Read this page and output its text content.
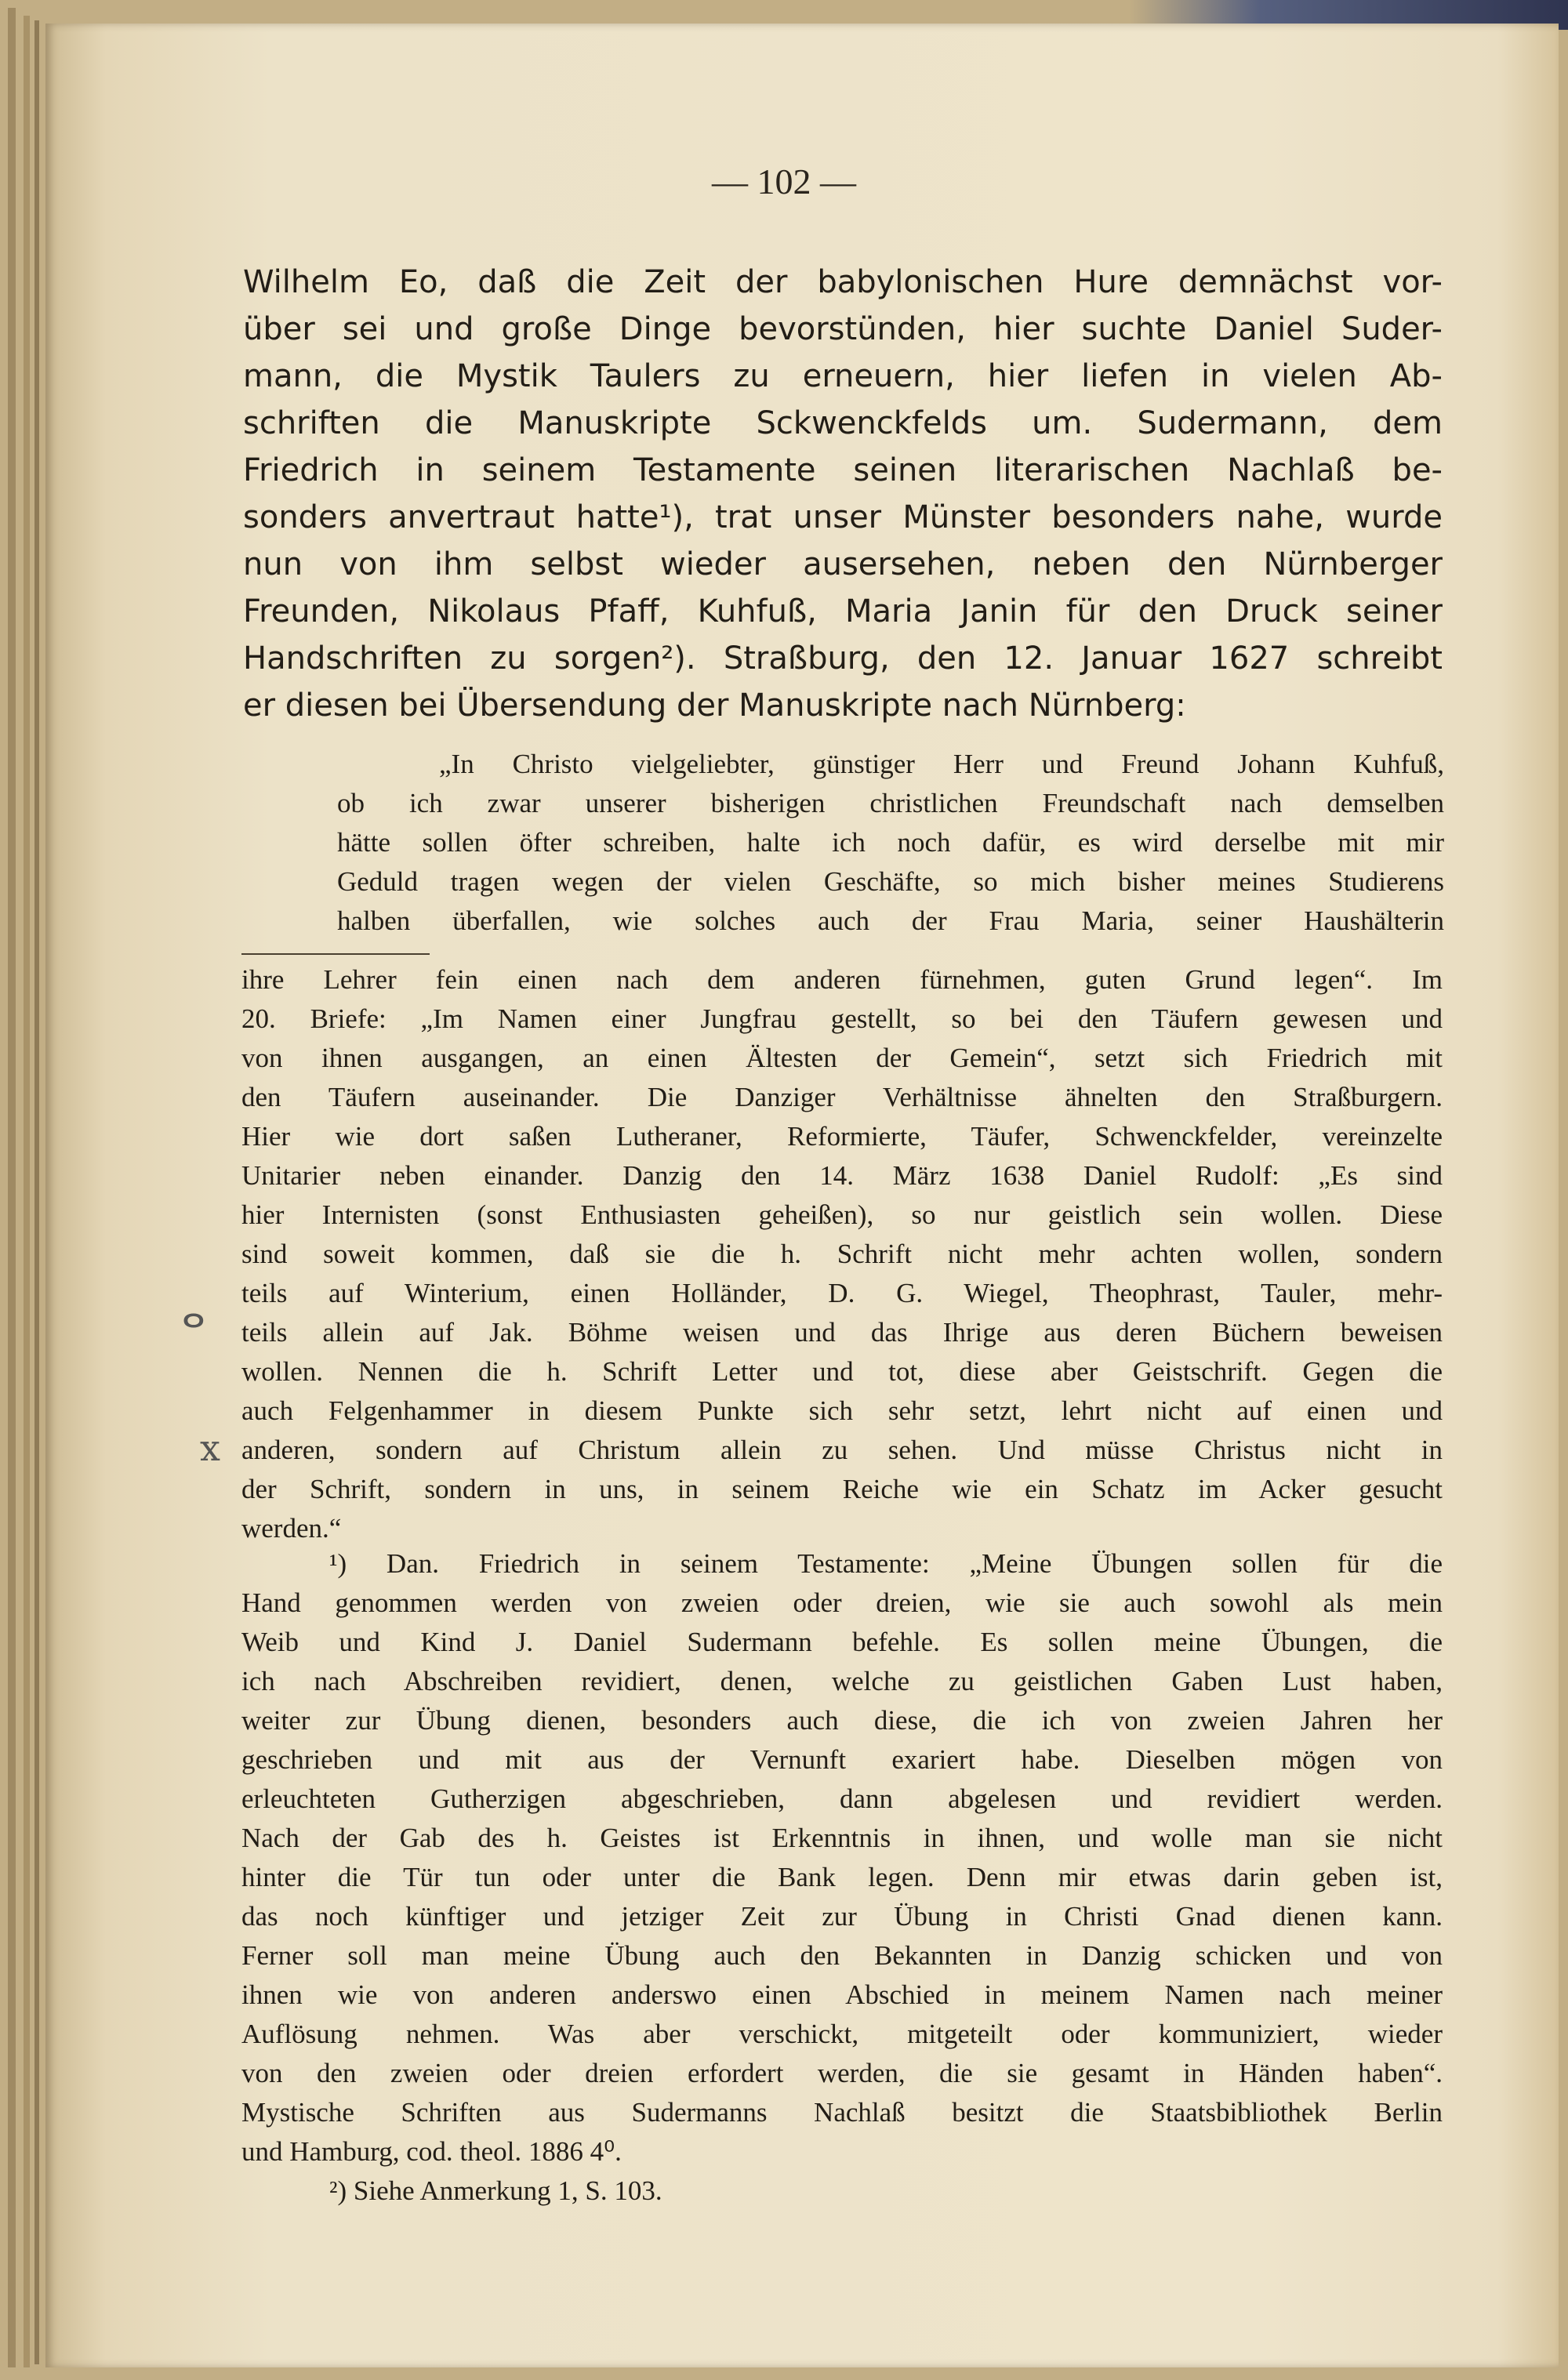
— 102 —
Wilhelm Eo, daß die Zeit der babylonischen Hure demnächst vor-
über sei und große Dinge bevorstünden, hier suchte Daniel Suder-
mann, die Mystik Taulers zu erneuern, hier liefen in vielen Ab-
schriften die Manuskripte Sckwenckfelds um. Sudermann, dem
Friedrich in seinem Testamente seinen literarischen Nachlaß be-
sonders anvertraut hatte¹), trat unser Münster besonders nahe, wurde
nun von ihm selbst wieder ausersehen, neben den Nürnberger
Freunden, Nikolaus Pfaff, Kuhfuß, Maria Janin für den Druck seiner
Handschriften zu sorgen²). Straßburg, den 12. Januar 1627 schreibt
er diesen bei Übersendung der Manuskripte nach Nürnberg:
„In Christo vielgeliebter, günstiger Herr und Freund Johann Kuhfuß,
ob ich zwar unserer bisherigen christlichen Freundschaft nach demselben
hätte sollen öfter schreiben, halte ich noch dafür, es wird derselbe mit mir
Geduld tragen wegen der vielen Geschäfte, so mich bisher meines Studierens
halben überfallen, wie solches auch der Frau Maria, seiner Haushälterin
ihre Lehrer fein einen nach dem anderen fürnehmen, guten Grund legen“. Im
20. Briefe: „Im Namen einer Jungfrau gestellt, so bei den Täufern gewesen und
von ihnen ausgangen, an einen Ältesten der Gemein“, setzt sich Friedrich mit
den Täufern auseinander. Die Danziger Verhältnisse ähnelten den Straßburgern.
Hier wie dort saßen Lutheraner, Reformierte, Täufer, Schwenckfelder, vereinzelte
Unitarier neben einander. Danzig den 14. März 1638 Daniel Rudolf: „Es sind
hier Internisten (sonst Enthusiasten geheißen), so nur geistlich sein wollen. Diese
sind soweit kommen, daß sie die h. Schrift nicht mehr achten wollen, sondern
teils auf Winterium, einen Holländer, D. G. Wiegel, Theophrast, Tauler, mehr-
teils allein auf Jak. Böhme weisen und das Ihrige aus deren Büchern beweisen
wollen. Nennen die h. Schrift Letter und tot, diese aber Geistschrift. Gegen die
auch Felgenhammer in diesem Punkte sich sehr setzt, lehrt nicht auf einen und
anderen, sondern auf Christum allein zu sehen. Und müsse Christus nicht in
der Schrift, sondern in uns, in seinem Reiche wie ein Schatz im Acker gesucht
werden.“
¹) Dan. Friedrich in seinem Testamente: „Meine Übungen sollen für die
Hand genommen werden von zweien oder dreien, wie sie auch sowohl als mein
Weib und Kind J. Daniel Sudermann befehle. Es sollen meine Übungen, die
ich nach Abschreiben revidiert, denen, welche zu geistlichen Gaben Lust haben,
weiter zur Übung dienen, besonders auch diese, die ich von zweien Jahren her
geschrieben und mit aus der Vernunft exariert habe. Dieselben mögen von
erleuchteten Gutherzigen abgeschrieben, dann abgelesen und revidiert werden.
Nach der Gab des h. Geistes ist Erkenntnis in ihnen, und wolle man sie nicht
hinter die Tür tun oder unter die Bank legen. Denn mir etwas darin geben ist,
das noch künftiger und jetziger Zeit zur Übung in Christi Gnad dienen kann.
Ferner soll man meine Übung auch den Bekannten in Danzig schicken und von
ihnen wie von anderen anderswo einen Abschied in meinem Namen nach meiner
Auflösung nehmen. Was aber verschickt, mitgeteilt oder kommuniziert, wieder
von den zweien oder dreien erfordert werden, die sie gesamt in Händen haben“.
Mystische Schriften aus Sudermanns Nachlaß besitzt die Staatsbibliothek Berlin
und Hamburg, cod. theol. 1886 4⁰.
²) Siehe Anmerkung 1, S. 103.
ⴰ
x
